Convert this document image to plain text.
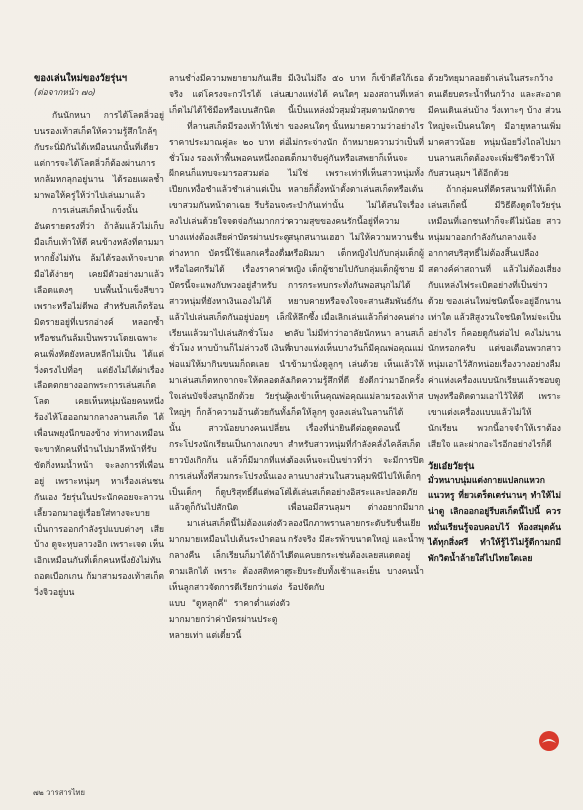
ของเล่นใหม่ของวัยรุ่นฯ
(ต่อจากหน้า ๗๐)

กันนักหนา การได้โลดลิ่วอยู่บนรองเท้าสเก็ตให้ความรู้สึกใกล้ๆ กับระนิ่มิกันได้เหมือนนกนั้นที่เดียว แต่การจะได้โลดลิ่วก็ต้องผ่านการหกล้มหกลุกอยู่นาน ได้รอยแผลช้ำมาพอให้ครู่ให้ว่าไปเล่นมาแล้ว

การเล่นสเก็ตน้ำแข็งนั้นอันตรายตรงที่ว่า ถ้าล้มแล้วไม่เก็บมือเก็บเท้าให้ดี คนข้างหลังที่ตามมาหากยั้งไม่ทัน ล้มได้รองเท้าจะบาดมือได้ง่ายๆ เคยมีตัวอย่างมาแล้ว เลือดแดงๆ บนพื้นน้ำแข็งสีขาวเพราะหรือไม่ดีพอ สำหรับสเก็ตร้อนมิตรายอยู่ที่เบรกอ่างค์ หลอกซ้ำ หรือชนกันล้มเป็นพรวนโดยเฉพาะคนเพิ่งหัดยังหลบหลีกไม่เป็น ได้แต่วิ่งตรงไปที่อๆ แต่ยังไม่ได้ผ่าเรื่องเลือดตกยางออกพระการเล่นสเก็ตโลด เคยเห็นหนุ่มน้อยคนหนึ่งร้องไห้โฮออกมากลางลานสเก็ต ได้เพื่อนพยุงนีกของข้าง ท่าทางเหมือนจะขาหักคนที่นำนไปมาลีหน้าที่รับขัดกิ่งหมน้ำหน้า จะลงการที่เพื่อนอยู่ เพราะหนุ่มๆ หาเรื่องเล่นชนกันเอง วัยรุ่นในประนักคอยจะลาวนเลี้ยวอกมาอยู่เรื่อยใส่ทางจะบายเป็นการออกกำลังรูปแบบต่างๆ เสียบ้าง ดูจะหุบลาวงอิก เพราะเจต เห็นเอิกเหมือนกันที่เด็กคนหนึ่งยังไม่ทันถอดเบือกเกน ก้มาสามรองเท้าสเก็ตวิ่งจิวอยู่บน

ลานชำ่งมีความพยายามกันเสียจริง แต่โครงจะกว่ไรได้ เล่นสเก็ตไม่ได้ใช้มือหรือเบนสักนิด

ที่ลานสเก็ตมีรองเท้าให้เช่าราคาประมาณคู่ละ ๒๐ บาท ต่อชั่วโมง รองเท้าพื้นพอคนหนึ่งถอดผีกคนก็แทบจะมารอสวมต่อ เปียกเหงื่อชำแล้วชำเล่าแต่เป็นเขาสวมกันหน้าตาเฉย รีบร้อนจะลงไปเล่นด้วยใจจดจ่อกันมากกว่า บางแห่งต้องเสียค่าบัตรผ่านประตูต่างหาก บัตรนี้ใช้แลกเครื่องดื่มหรือไอศกรีมได้ เรื่องราคาค่าบัตรนี้จะแพงกับพวงอยู่สำหรับสาวหนุ่มที่ยังหาเงินเองไม่ได้ แล้วไปเล่นสเก็ตกันอยู่บ่อยๆ เล็กเรียนแล้วมาไปเล่นสักชั่วโมง ๒ ชั่วโมง หาบบ้านก็ไม่ล่าวงจี เงินที่พ่อแม่ให้มากินขนมก็ถดเลย นำมาเล่นสเก็ตหกจากจะให้ตลอดลังใจเล่นบัจจิ่งสนุกอีกด้วย วัยรุ่นผู้ใหญ่ๆ ก็กล้าความอ้านด้วยกันทั้งนั้น สาวน้อยบางคนเปลี่ยนกระโปรงนักเรียนเป็นกางเกงขายาวบังเกิกก้น แล้วก็มีมากที่แห่งการเล่นทั้งที่สวมกระโปรงนั้นเอง เป็นเด็กๆ ก็ดูบริสุทธิ์ดีแต่พอโตแล้วดูก็กันไปสักนิด

มาเล่นสเก็ตนี้ไม่ต้องแต่งตัวมากมายเหมือนไปเต้นระบำตอนกลางคืน เล็กเรียนก็มาได้ถ้าไปตามเลิกได้ เพราะ ต้องสติทคาดูเห็นลูกสาวจัดการดีเรียกว่าแต่งแบบ "ดูหลุกคี่" ราคาต่ำแต่งตัวมากมายกว่าค่าบัตรผ่านประตูหลายเท่า แต่เดี๋ยวนี้

มีเงินไม่ถึง ๕๐ บาท ก็เข้าดีสใก้เธอบางแห่งได้ คนใดๆ มองสถานที่เหล่านี้เป็นแหล่งมั่วสุมมั่วสุมตามนักดาขของคนใดๆ นั้นหมายความว่าอย่างไรไม่กระจ่างนัก ถ้าหมายความว่าเป็นที่เด็กมาจับคู่กันหรือเสพยาก็เห็นจะไม่ใช่ เพราะเท่าที่เห็นสาวหนุ่มทั้งหลายก็ตั้งหน้าตั้งตาเล่นสเก็ตหรือเต้นระบำกันเท่านั้น ไม่ได้สนใจเรื่อง ความสุขของคนรักนี้อยู่ที่ความสนุกสนานเฮฮา ไม่ให้ความหวานชื่นหรือผิมมา เด็กหญิงไปกับกลุ่มเด็กผู้หญิง เด็กผู้ชายไปกับกลุ่มเด็กผู้ชาย มีการกระทบกระทั่งกันพอสนุกไม่ได้หยาบคายหรือจงใจจะสานสัมพันธ์กันให้ลึกซึ้ง เมื่อเลิกเล่นแล้วก็ต่างคนต่างกลับ ไม่มีท่าว่าอาลัยนักหนา ลานสเก็ตบางแห่งเห็นบางวันก็มีคุณพ่อคุณแม่เข้ามานั่งดูลูกๆ เล่นด้วย เห็นแล้วให้เกิดความรู้สึกที่ดี ยังดีกว่ามาอีกครั้งลงเข้าเห็นคุณพ่อคุณแม่ลามรองเท้าสเก็ตให้ลูกๆ จูงลงเล่นในลานก็ได้

เรื่องที่น่ายินดีต่อดูตตอนนี้ สำหรับสาวหนุ่มที่กำลังคลั่งไคล้สเก็ตต้องเห็นจะเป็นข่าวที่ว่า จะมีการปิดลานบางส่วนในสวนลุมพินีไปให้เด็กๆ ได้เล่นสเก็ตอย่างอิสระและปลอดภัย เพื่อนอมีสวนลุมฯ ต่างอยากมีมาก ลองนึกภาพรานลายกระดับรับชื่นเยียกรังจริง มีสะรพ้าขนาดใหญ่ และน้ำพุดีตแคบยกระเช่นต้องเลยสแดดอยู่ระยิบระยับทั้งเช้าและเย็น บางคนน้ำร้อปจัดกับ

ด้วยวิทยุมาลอยด้าเล่นในสระกว้างตนเตียบตระน้ำที่นกว้าง และสะอาดมีคนเดินเล่นบ้าง วิ่งเทาะๆ บ้าง ส่วนใหญ่จะเป็นคนใดๆ มีอายุหลานเพิ่มมาคสาวน้อย หนุ่มน้อยวิ่งไถลไปมาบนลานสเก็ตต้องจะเพิ่มชีวิตชีวาให้กับสวนลุมฯ ได้อีกด้วย

ถ้ากลุ่มคนที่ตีตรสนามที่ให้เด็กเล่นสเก็ตนี้ มีวิธีดึงดูดใจวัยรุ่นเหมือนที่เอกชนทำก็จะดีไม่น้อย สาวหนุ่มมาออกกำลังกันกลางแจ้ง อากาศบริสุทธิ์ไม่ต้องสิ้นเปลืองสตางค์ค่าสถานที่ แล้วไม่ต้องเสี่ยงกับแหล่งไฟระเบิดอย่างที่เป็นข่าวด้วย ของเล่นใหม่ชนิดนี้จะอยู่อีกนานเท่าใด แล้วสิสูงวนใจชนิดใหม่จะเป็นอย่างไร ก็คอยดูกันต่อไป คงไม่นานนักหรอกครับ แต่ขอเตือนพวกสาวหนุ่มเอาไว้สักหน่อยเรื่องวางอย่างลืมค่าแห่งเครื่องแบบนักเรียนแล้วชอบดูบพุงหรือติดตามเอาไว้ให้ดี เพราะเขาแต่งเครื่องแบบแล้วไม่ให้นักเรียน พวกนี้อาจจำให้เราต้องเสียใจ และผ่ากอะไรอีกอย่างไรก็ดี

วัยเอ๋ยวัยรุ่น
มั่วหนาบนุ่มแต่งกายแปลกแหวกแนวหรู ที่ยวเตร็ดเตร่นานๆ ทำให้ไม่น่าดู เลิกออกอยู่รีบสเก็ตนี้ไปนี้ ควรหมั่นเรียนรู้จอบคอบไว้ ห้องสมุดค้นได้ทุกสิ่งศรี ทำให้รู้ไว้ไม่รู้ดีกามกมี พักวิดน้ำล้ายใส่ไปไทยใดเลย
๗๒ วารสารไทย
